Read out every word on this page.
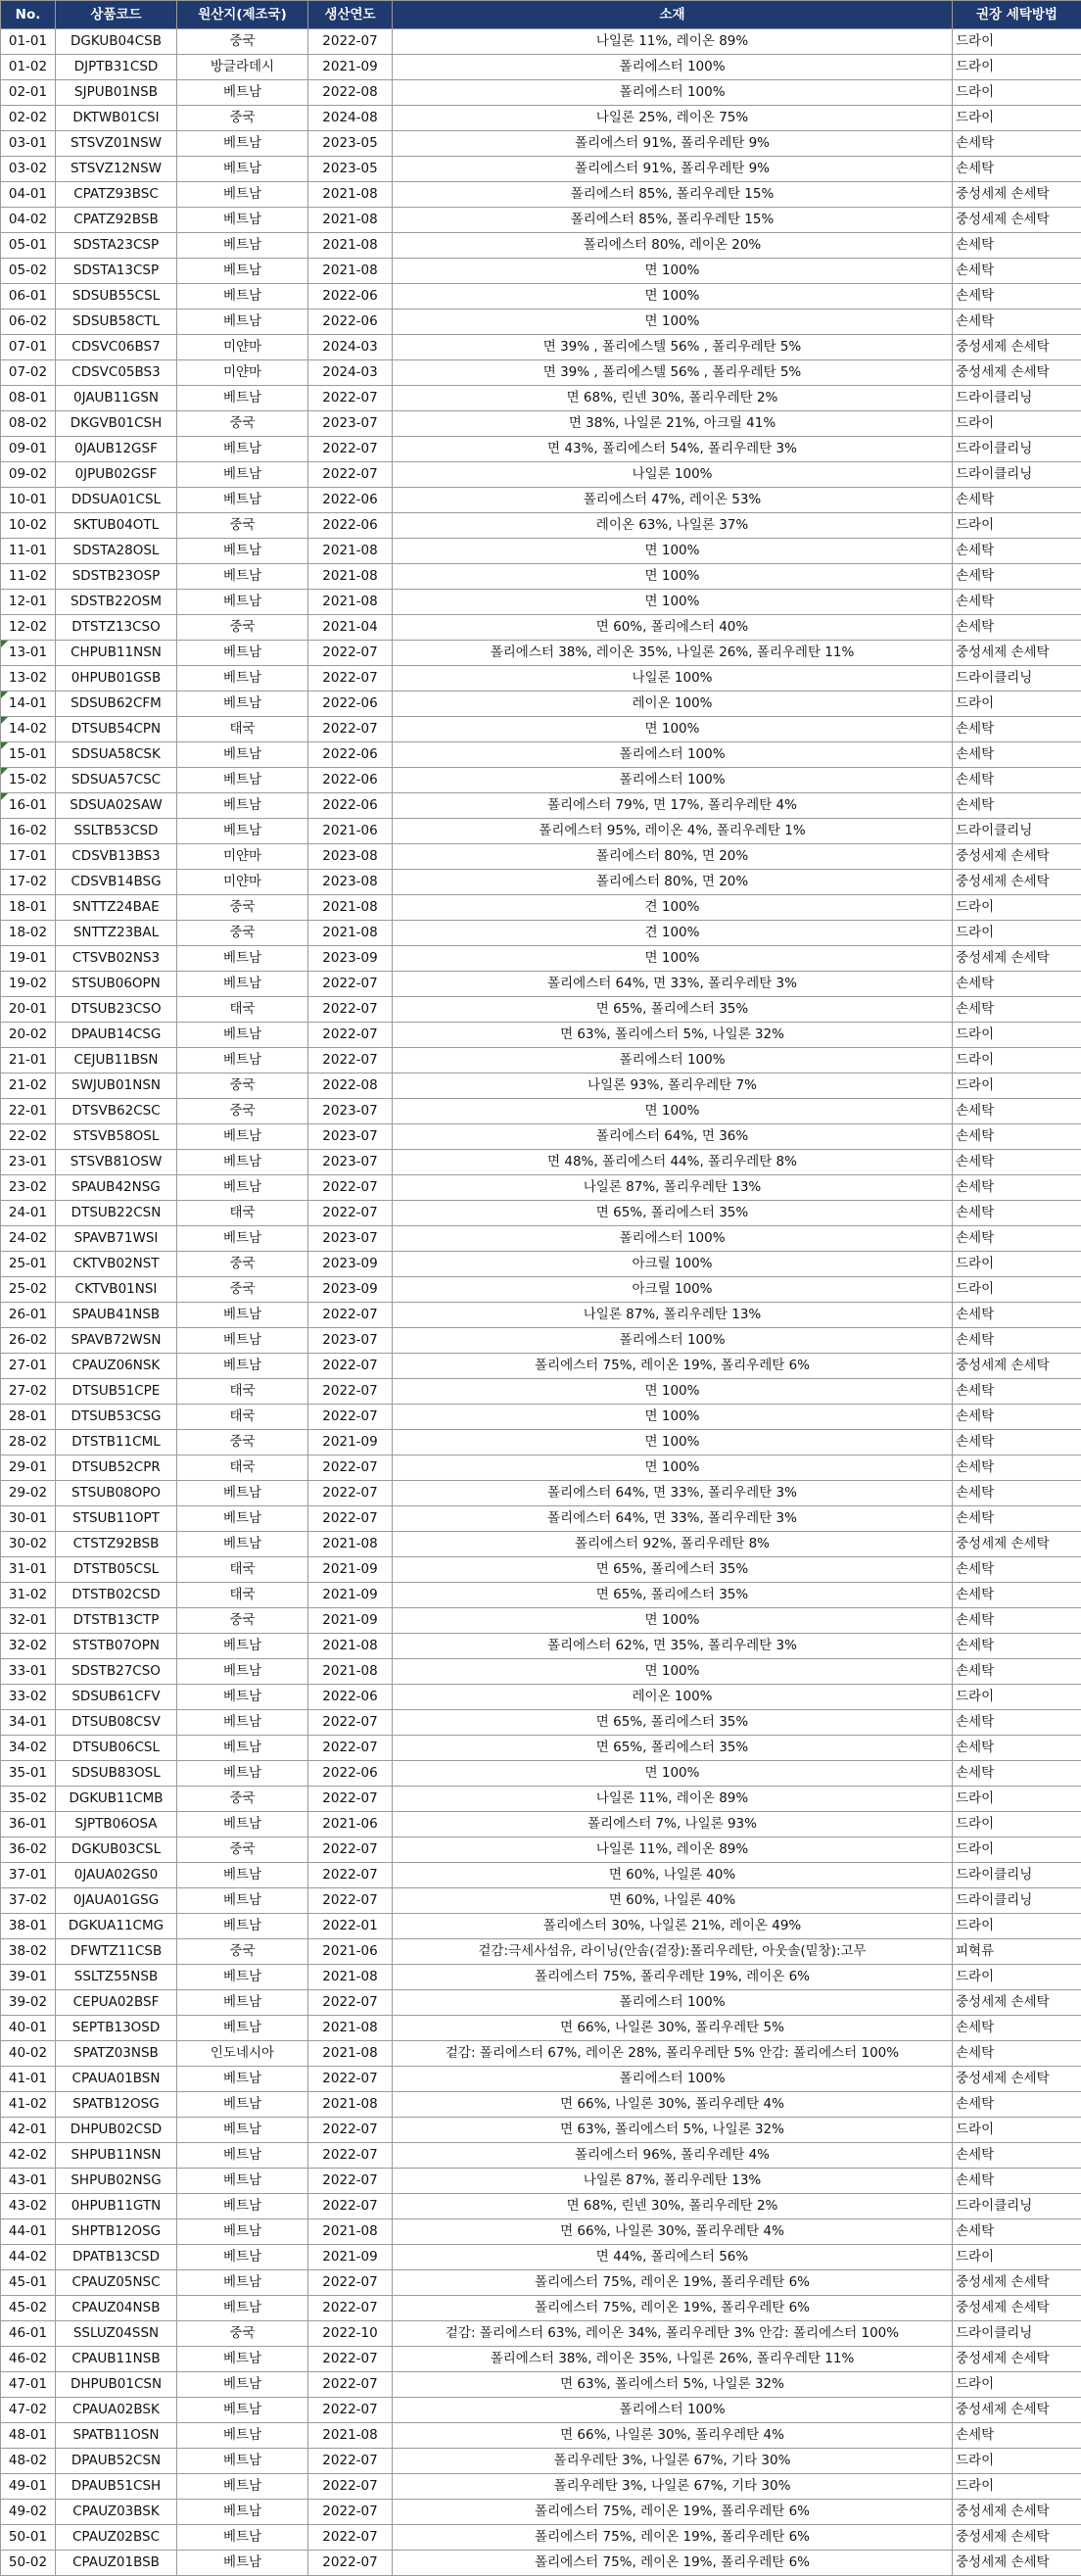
No.	상품코드	원산지(제조국)	생산연도	소재	권장 세탁방법
01-01	DGKUB04CSB	중국	2022-07	나일론 11%, 레이온 89%	드라이
01-02	DJPTB31CSD	방글라데시	2021-09	폴리에스터 100%	드라이
02-01	SJPUB01NSB	베트남	2022-08	폴리에스터 100%	드라이
02-02	DKTWB01CSI	중국	2024-08	나일론 25%, 레이온 75%	드라이
03-01	STSVZ01NSW	베트남	2023-05	폴리에스터 91%, 폴리우레탄 9%	손세탁
03-02	STSVZ12NSW	베트남	2023-05	폴리에스터 91%, 폴리우레탄 9%	손세탁
04-01	CPATZ93BSC	베트남	2021-08	폴리에스터 85%, 폴리우레탄 15%	중성세제 손세탁
04-02	CPATZ92BSB	베트남	2021-08	폴리에스터 85%, 폴리우레탄 15%	중성세제 손세탁
05-01	SDSTA23CSP	베트남	2021-08	폴리에스터 80%, 레이온 20%	손세탁
05-02	SDSTA13CSP	베트남	2021-08	면 100%	손세탁
06-01	SDSUB55CSL	베트남	2022-06	면 100%	손세탁
06-02	SDSUB58CTL	베트남	2022-06	면 100%	손세탁
07-01	CDSVC06BS7	미얀마	2024-03	면 39% , 폴리에스텔 56% , 폴리우레탄 5%	중성세제 손세탁
07-02	CDSVC05BS3	미얀마	2024-03	면 39% , 폴리에스텔 56% , 폴리우레탄 5%	중성세제 손세탁
08-01	0JAUB11GSN	베트남	2022-07	면 68%, 린넨 30%, 폴리우레탄 2%	드라이클리닝
08-02	DKGVB01CSH	중국	2023-07	면 38%, 나일론 21%, 아크릴 41%	드라이
09-01	0JAUB12GSF	베트남	2022-07	면 43%, 폴리에스터 54%, 폴리우레탄 3%	드라이클리닝
09-02	0JPUB02GSF	베트남	2022-07	나일론 100%	드라이클리닝
10-01	DDSUA01CSL	베트남	2022-06	폴리에스터 47%, 레이온 53%	손세탁
10-02	SKTUB04OTL	중국	2022-06	레이온 63%, 나일론 37%	드라이
11-01	SDSTA28OSL	베트남	2021-08	면 100%	손세탁
11-02	SDSTB23OSP	베트남	2021-08	면 100%	손세탁
12-01	SDSTB22OSM	베트남	2021-08	면 100%	손세탁
12-02	DTSTZ13CSO	중국	2021-04	면 60%, 폴리에스터 40%	손세탁
13-01	CHPUB11NSN	베트남	2022-07	폴리에스터 38%, 레이온 35%, 나일론 26%, 폴리우레탄 11%	중성세제 손세탁
13-02	0HPUB01GSB	베트남	2022-07	나일론 100%	드라이클리닝
14-01	SDSUB62CFM	베트남	2022-06	레이온 100%	드라이
14-02	DTSUB54CPN	태국	2022-07	면 100%	손세탁
15-01	SDSUA58CSK	베트남	2022-06	폴리에스터 100%	손세탁
15-02	SDSUA57CSC	베트남	2022-06	폴리에스터 100%	손세탁
16-01	SDSUA02SAW	베트남	2022-06	폴리에스터 79%, 면 17%, 폴리우레탄 4%	손세탁
16-02	SSLTB53CSD	베트남	2021-06	폴리에스터 95%, 레이온 4%, 폴리우레탄 1%	드라이클리닝
17-01	CDSVB13BS3	미얀마	2023-08	폴리에스터 80%, 면 20%	중성세제 손세탁
17-02	CDSVB14BSG	미얀마	2023-08	폴리에스터 80%, 면 20%	중성세제 손세탁
18-01	SNTTZ24BAE	중국	2021-08	견 100%	드라이
18-02	SNTTZ23BAL	중국	2021-08	견 100%	드라이
19-01	CTSVB02NS3	베트남	2023-09	면 100%	중성세제 손세탁
19-02	STSUB06OPN	베트남	2022-07	폴리에스터 64%, 면 33%, 폴리우레탄 3%	손세탁
20-01	DTSUB23CSO	태국	2022-07	면 65%, 폴리에스터 35%	손세탁
20-02	DPAUB14CSG	베트남	2022-07	면 63%, 폴리에스터 5%, 나일론 32%	드라이
21-01	CEJUB11BSN	베트남	2022-07	폴리에스터 100%	드라이
21-02	SWJUB01NSN	중국	2022-08	나일론 93%, 폴리우레탄 7%	드라이
22-01	DTSVB62CSC	중국	2023-07	면 100%	손세탁
22-02	STSVB58OSL	베트남	2023-07	폴리에스터 64%, 면 36%	손세탁
23-01	STSVB81OSW	베트남	2023-07	면 48%, 폴리에스터 44%, 폴리우레탄 8%	손세탁
23-02	SPAUB42NSG	베트남	2022-07	나일론 87%, 폴리우레탄 13%	손세탁
24-01	DTSUB22CSN	태국	2022-07	면 65%, 폴리에스터 35%	손세탁
24-02	SPAVB71WSI	베트남	2023-07	폴리에스터 100%	손세탁
25-01	CKTVB02NST	중국	2023-09	아크릴 100%	드라이
25-02	CKTVB01NSI	중국	2023-09	아크릴 100%	드라이
26-01	SPAUB41NSB	베트남	2022-07	나일론 87%, 폴리우레탄 13%	손세탁
26-02	SPAVB72WSN	베트남	2023-07	폴리에스터 100%	손세탁
27-01	CPAUZ06NSK	베트남	2022-07	폴리에스터 75%, 레이온 19%, 폴리우레탄 6%	중성세제 손세탁
27-02	DTSUB51CPE	태국	2022-07	면 100%	손세탁
28-01	DTSUB53CSG	태국	2022-07	면 100%	손세탁
28-02	DTSTB11CML	중국	2021-09	면 100%	손세탁
29-01	DTSUB52CPR	태국	2022-07	면 100%	손세탁
29-02	STSUB08OPO	베트남	2022-07	폴리에스터 64%, 면 33%, 폴리우레탄 3%	손세탁
30-01	STSUB11OPT	베트남	2022-07	폴리에스터 64%, 면 33%, 폴리우레탄 3%	손세탁
30-02	CTSTZ92BSB	베트남	2021-08	폴리에스터 92%, 폴리우레탄 8%	중성세제 손세탁
31-01	DTSTB05CSL	태국	2021-09	면 65%, 폴리에스터 35%	손세탁
31-02	DTSTB02CSD	태국	2021-09	면 65%, 폴리에스터 35%	손세탁
32-01	DTSTB13CTP	중국	2021-09	면 100%	손세탁
32-02	STSTB07OPN	베트남	2021-08	폴리에스터 62%, 면 35%, 폴리우레탄 3%	손세탁
33-01	SDSTB27CSO	베트남	2021-08	면 100%	손세탁
33-02	SDSUB61CFV	베트남	2022-06	레이온 100%	드라이
34-01	DTSUB08CSV	베트남	2022-07	면 65%, 폴리에스터 35%	손세탁
34-02	DTSUB06CSL	베트남	2022-07	면 65%, 폴리에스터 35%	손세탁
35-01	SDSUB83OSL	베트남	2022-06	면 100%	손세탁
35-02	DGKUB11CMB	중국	2022-07	나일론 11%, 레이온 89%	드라이
36-01	SJPTB06OSA	베트남	2021-06	폴리에스터 7%, 나일론 93%	드라이
36-02	DGKUB03CSL	중국	2022-07	나일론 11%, 레이온 89%	드라이
37-01	0JAUA02GS0	베트남	2022-07	면 60%, 나일론 40%	드라이클리닝
37-02	0JAUA01GSG	베트남	2022-07	면 60%, 나일론 40%	드라이클리닝
38-01	DGKUA11CMG	베트남	2022-01	폴리에스터 30%, 나일론 21%, 레이온 49%	드라이
38-02	DFWTZ11CSB	중국	2021-06	겉감:극세사섬유, 라이닝(안솜(겉장):폴리우레탄, 아웃솔(밑창):고무	피혁류
39-01	SSLTZ55NSB	베트남	2021-08	폴리에스터 75%, 폴리우레탄 19%, 레이온 6%	드라이
39-02	CEPUA02BSF	베트남	2022-07	폴리에스터 100%	중성세제 손세탁
40-01	SEPTB13OSD	베트남	2021-08	면 66%, 나일론 30%, 폴리우레탄 5%	손세탁
40-02	SPATZ03NSB	인도네시아	2021-08	겉감: 폴리에스터 67%, 레이온 28%, 폴리우레탄 5% 안감: 폴리에스터 100%	손세탁
41-01	CPAUA01BSN	베트남	2022-07	폴리에스터 100%	중성세제 손세탁
41-02	SPATB12OSG	베트남	2021-08	면 66%, 나일론 30%, 폴리우레탄 4%	손세탁
42-01	DHPUB02CSD	베트남	2022-07	면 63%, 폴리에스터 5%, 나일론 32%	드라이
42-02	SHPUB11NSN	베트남	2022-07	폴리에스터 96%, 폴리우레탄 4%	손세탁
43-01	SHPUB02NSG	베트남	2022-07	나일론 87%, 폴리우레탄 13%	손세탁
43-02	0HPUB11GTN	베트남	2022-07	면 68%, 린넨 30%, 폴리우레탄 2%	드라이클리닝
44-01	SHPTB12OSG	베트남	2021-08	면 66%, 나일론 30%, 폴리우레탄 4%	손세탁
44-02	DPATB13CSD	베트남	2021-09	면 44%, 폴리에스터 56%	드라이
45-01	CPAUZ05NSC	베트남	2022-07	폴리에스터 75%, 레이온 19%, 폴리우레탄 6%	중성세제 손세탁
45-02	CPAUZ04NSB	베트남	2022-07	폴리에스터 75%, 레이온 19%, 폴리우레탄 6%	중성세제 손세탁
46-01	SSLUZ04SSN	중국	2022-10	겉감: 폴리에스터 63%, 레이온 34%, 폴리우레탄 3% 안감: 폴리에스터 100%	드라이클리닝
46-02	CPAUB11NSB	베트남	2022-07	폴리에스터 38%, 레이온 35%, 나일론 26%, 폴리우레탄 11%	중성세제 손세탁
47-01	DHPUB01CSN	베트남	2022-07	면 63%, 폴리에스터 5%, 나일론 32%	드라이
47-02	CPAUA02BSK	베트남	2022-07	폴리에스터 100%	중성세제 손세탁
48-01	SPATB11OSN	베트남	2021-08	면 66%, 나일론 30%, 폴리우레탄 4%	손세탁
48-02	DPAUB52CSN	베트남	2022-07	폴리우레탄 3%, 나일론 67%, 기타 30%	드라이
49-01	DPAUB51CSH	베트남	2022-07	폴리우레탄 3%, 나일론 67%, 기타 30%	드라이
49-02	CPAUZ03BSK	베트남	2022-07	폴리에스터 75%, 레이온 19%, 폴리우레탄 6%	중성세제 손세탁
50-01	CPAUZ02BSC	베트남	2022-07	폴리에스터 75%, 레이온 19%, 폴리우레탄 6%	중성세제 손세탁
50-02	CPAUZ01BSB	베트남	2022-07	폴리에스터 75%, 레이온 19%, 폴리우레탄 6%	중성세제 손세탁
